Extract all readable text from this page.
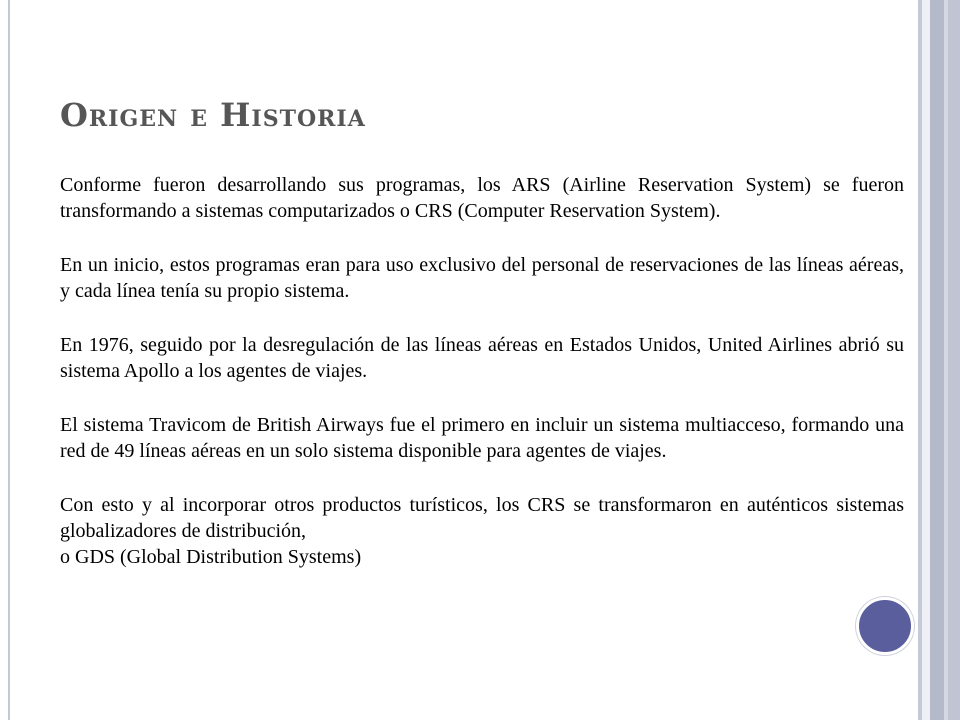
Origen e Historia

Conforme fueron desarrollando sus programas, los ARS (Airline Reservation System) se fueron transformando a sistemas computarizados o CRS (Computer Reservation System).

En un inicio, estos programas eran para uso exclusivo del personal de reservaciones de las líneas aéreas, y cada línea tenía su propio sistema.

En 1976, seguido por la desregulación de las líneas aéreas en Estados Unidos, United Airlines abrió su sistema Apollo a los agentes de viajes.

El sistema Travicom de British Airways fue el primero en incluir un sistema multiacceso, formando una red de 49 líneas aéreas en un solo sistema disponible para agentes de viajes.

Con esto y al incorporar otros productos turísticos, los CRS se transformaron en auténticos sistemas globalizadores de distribución,
o GDS (Global Distribution Systems)
